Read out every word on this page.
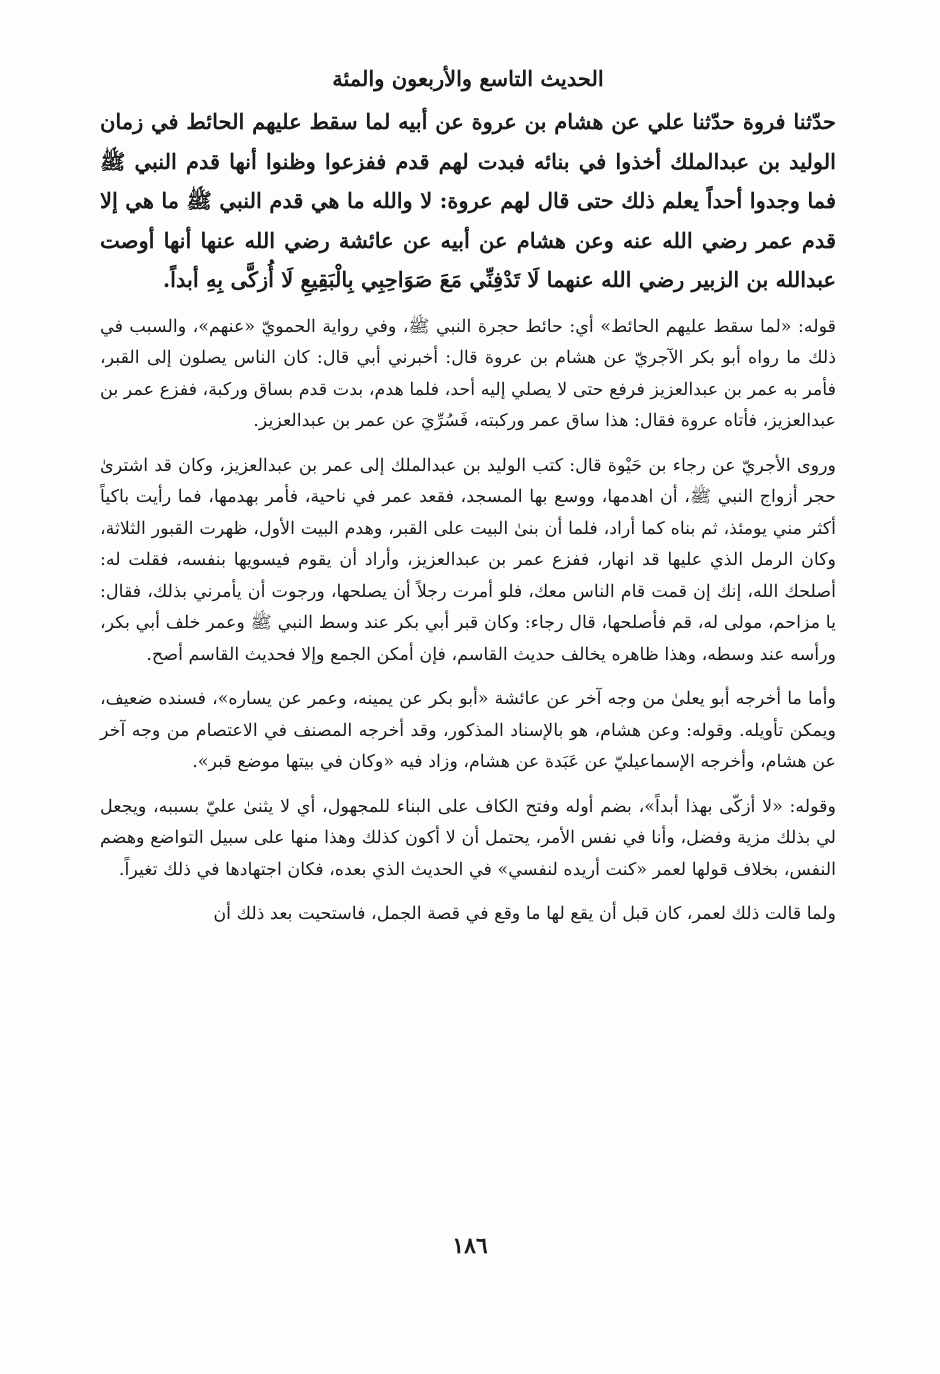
الحديث التاسع والأربعون والمئة

حدّثنا فروة حدّثنا علي عن هشام بن عروة عن أبيه لما سقط عليهم الحائط في زمان الوليد بن عبدالملك أخذوا في بنائه فبدت لهم قدم ففزعوا وظنوا أنها قدم النبي ﷺ فما وجدوا أحداً يعلم ذلك حتى قال لهم عروة: لا والله ما هي قدم النبي ﷺ ما هي إلا قدم عمر رضي الله عنه وعن هشام عن أبيه عن عائشة رضي الله عنها أنها أوصت عبدالله بن الزبير رضي الله عنهما لَا تَدْفِنِّي مَعَ صَوَاحِبِي بِالْبَقِيعِ لَا أُزكَّى بِهِ أبداً.

قوله: «لما سقط عليهم الحائط» أي: حائط حجرة النبي ﷺ، وفي رواية الحمويّ «عنهم»، والسبب في ذلك ما رواه أبو بكر الآجريّ عن هشام بن عروة قال: أخبرني أبي قال: كان الناس يصلون إلى القبر، فأمر به عمر بن عبدالعزيز فرفع حتى لا يصلي إليه أحد، فلما هدم، بدت قدم بساق وركبة، ففزع عمر بن عبدالعزيز، فأتاه عروة فقال: هذا ساق عمر وركبته، فَسُرِّيَ عن عمر بن عبدالعزيز.

وروى الأجريّ عن رجاء بن حَيْوة قال: كتب الوليد بن عبدالملك إلى عمر بن عبدالعزيز، وكان قد اشترىٰ حجر أزواج النبي ﷺ، أن اهدمها، ووسع بها المسجد، فقعد عمر في ناحية، فأمر بهدمها، فما رأيت باكياً أكثر مني يومئذ، ثم بناه كما أراد، فلما أن بنىٰ البيت على القبر، وهدم البيت الأول، ظهرت القبور الثلاثة، وكان الرمل الذي عليها قد انهار، ففزع عمر بن عبدالعزيز، وأراد أن يقوم فيسويها بنفسه، فقلت له: أصلحك الله، إنك إن قمت قام الناس معك، فلو أمرت رجلاً أن يصلحها، ورجوت أن يأمرني بذلك، فقال: يا مزاحم، مولى له، قم فأصلحها، قال رجاء: وكان قبر أبي بكر عند وسط النبي ﷺ وعمر خلف أبي بكر، ورأسه عند وسطه، وهذا ظاهره يخالف حديث القاسم، فإن أمكن الجمع وإلا فحديث القاسم أصح.

وأما ما أخرجه أبو يعلىٰ من وجه آخر عن عائشة «أبو بكر عن يمينه، وعمر عن يساره»، فسنده ضعيف، ويمكن تأويله. وقوله: وعن هشام، هو بالإسناد المذكور، وقد أخرجه المصنف في الاعتصام من وجه آخر عن هشام، وأخرجه الإسماعيليّ عن عَبَدة عن هشام، وزاد فيه «وكان في بيتها موضع قبر».

وقوله: «لا أزكّى بهذا أبداً»، بضم أوله وفتح الكاف على البناء للمجهول، أي لا يثنىٰ عليّ بسببه، ويجعل لي بذلك مزية وفضل، وأنا في نفس الأمر، يحتمل أن لا أكون كذلك وهذا منها على سبيل التواضع وهضم النفس، بخلاف قولها لعمر «كنت أريده لنفسي» في الحديث الذي بعده، فكان اجتهادها في ذلك تغيراً.

ولما قالت ذلك لعمر، كان قبل أن يقع لها ما وقع في قصة الجمل، فاستحيت بعد ذلك أن

١٨٦
